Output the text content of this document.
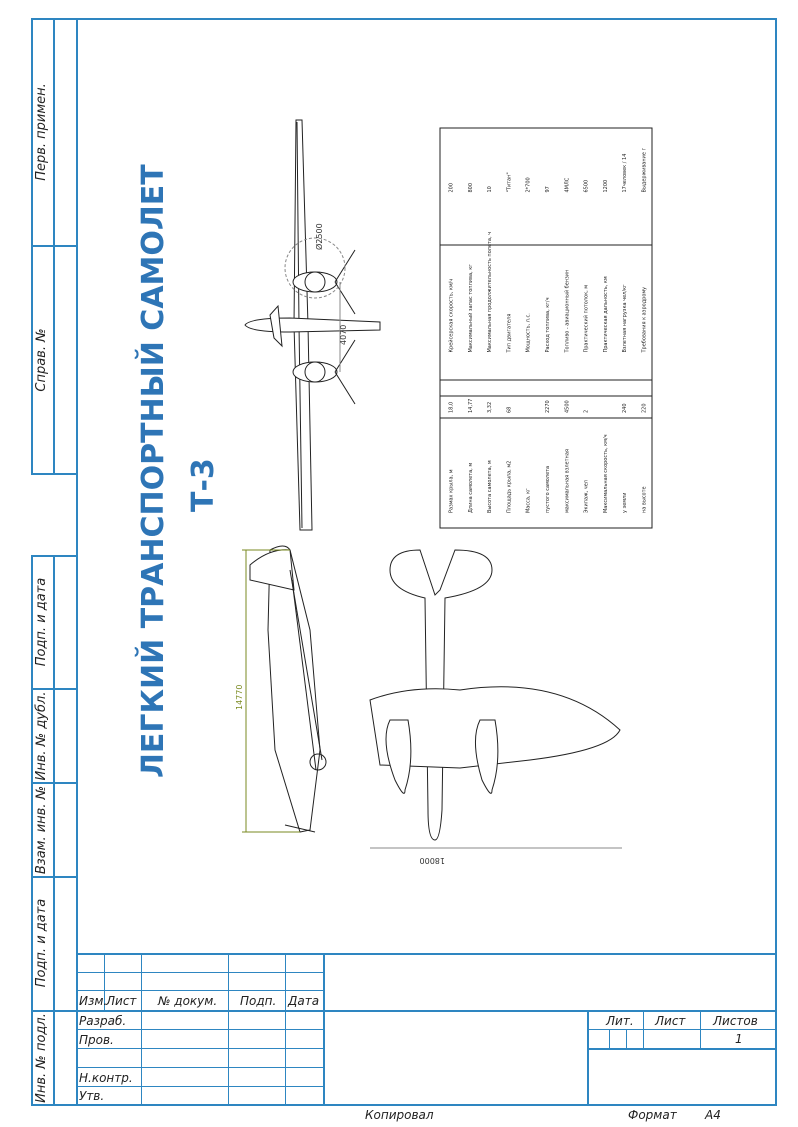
Перв. примен.
Справ. №
Подп. и дата
Инв. № дубл.
Взам. инв. №
Подп. и дата
Инв. № подл.
Изм.
Лист № докум. Подп. Дата
Разраб.
Пров.
Н.контр.
Утв.
Лит. Лист Листов
1
Копировал	Формат А4
ЛЕГКИЙ ТРАНСПОРТНЫЙ САМОЛЕТ Т-3
Ø2500
4070
Размах крыла, м
18,0
Длина самолета, м
14,77
Высота самолета, м
3,32
Площадь крыла, м2
68
Масса, кг	пустого самолета
2270
максимальная взлетная
4500
Экипаж, чел
2
Максимальная скорость, км/ч	у земли
240
на высоте
220
Крейсерская скорость, км/ч
200
Максимальный запас топлива, кг
800
Максимальная продолжительность полета, ч
10
Тип двигателя
"Титан"
Мощность, л.с.
2*700
Расход топлива, кг/ч
97
Топливо - авиационный бензин
4МЛС
Практический потолок, м
6500
Практическая дальность, км
1200
Взлетная нагрузка чел/кг
17человек / 14
Требования к аэродрому
Выдерживание г
14770
18000
